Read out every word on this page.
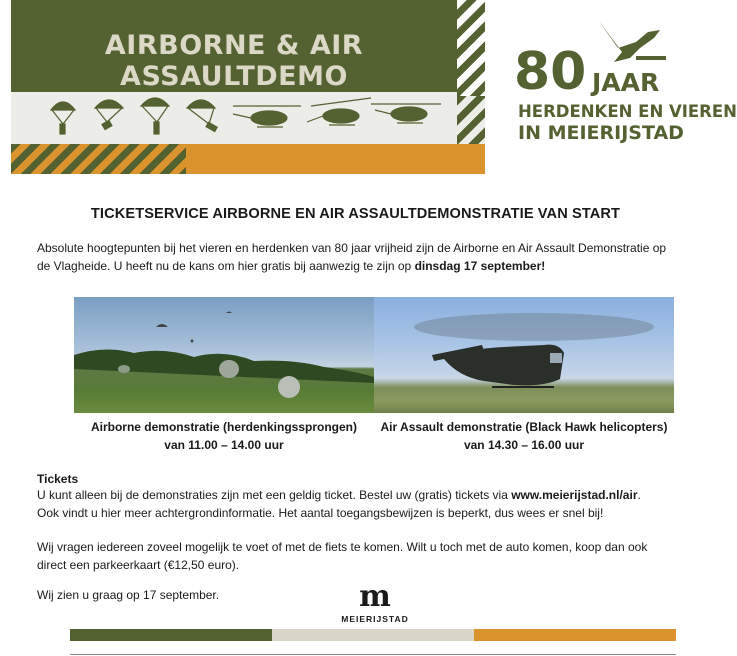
AIRBORNE & AIR ASSAULTDEMO	80 JAAR
HERDENKEN EN VIEREN
IN MEIERIJSTAD
TICKETSERVICE AIRBORNE EN AIR ASSAULTDEMONSTRATIE VAN START

Absolute hoogtepunten bij het vieren en herdenken van 80 jaar vrijheid zijn de Airborne en Air Assault Demonstratie op de Vlagheide. U heeft nu de kans om hier gratis bij aanwezig te zijn op dinsdag 17 september!

Airborne demonstratie (herdenkingssprongen)
van 11.00 – 14.00 uur
Air Assault demonstratie (Black Hawk helicopters)
van 14.30 – 16.00 uur
Tickets

U kunt alleen bij de demonstraties zijn met een geldig ticket. Bestel uw (gratis) tickets via www.meierijstad.nl/air.
Ook vindt u hier meer achtergrondinformatie. Het aantal toegangsbewijzen is beperkt, dus wees er snel bij!

Wij vragen iedereen zoveel mogelijk te voet of met de fiets te komen. Wilt u toch met de auto komen, koop dan ook direct een parkeerkaart (€12,50 euro).

Wij zien u graag op 17 september.	m
MEIERIJSTAD
